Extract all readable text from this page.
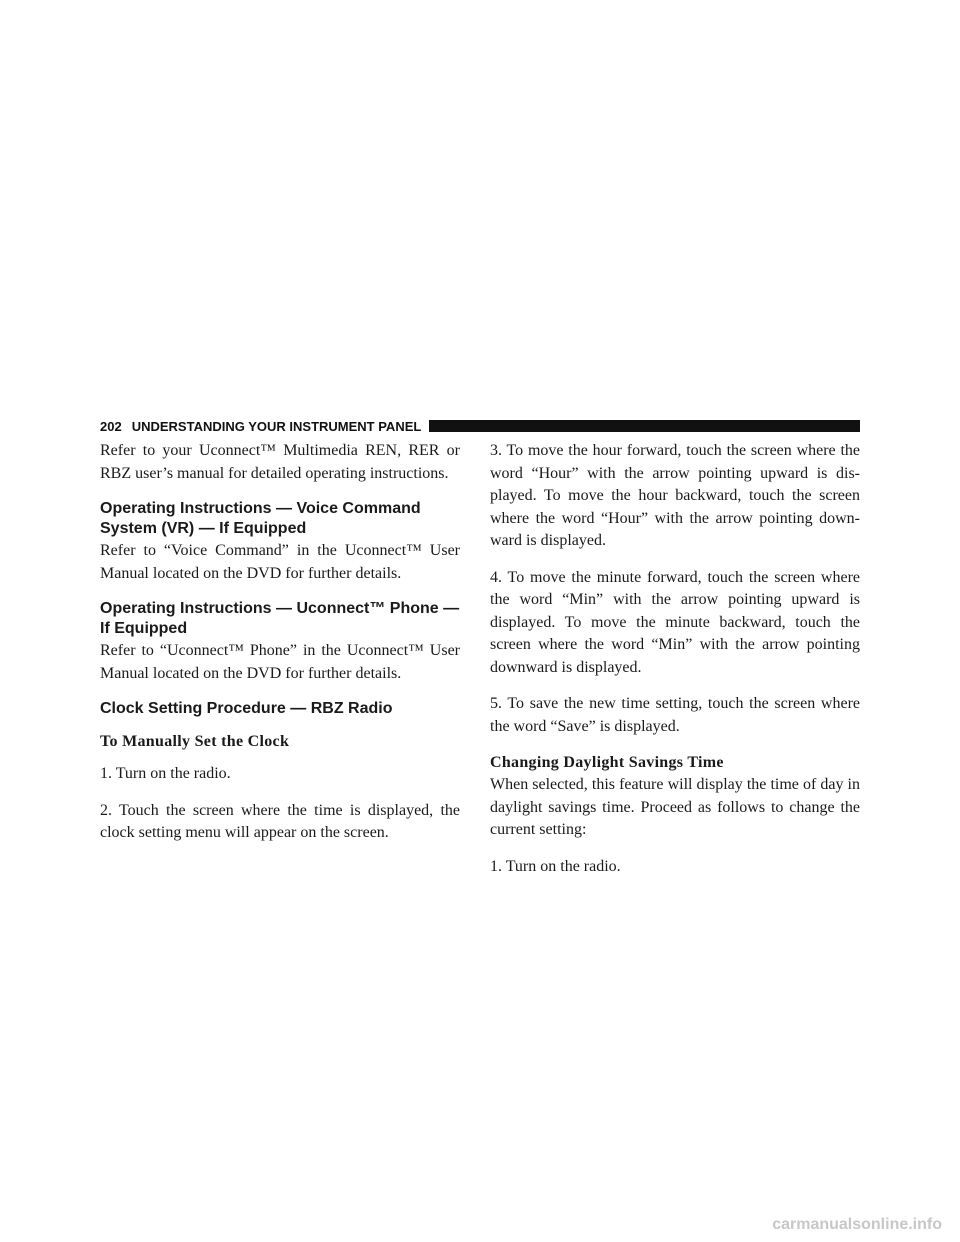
202 UNDERSTANDING YOUR INSTRUMENT PANEL

Refer to your Uconnect™ Multimedia REN, RER or RBZ user’s manual for detailed operating instructions.

Operating Instructions — Voice Command System (VR) — If Equipped

Refer to “Voice Command” in the Uconnect™ User Manual located on the DVD for further details.

Operating Instructions — Uconnect™ Phone — If Equipped

Refer to “Uconnect™ Phone” in the Uconnect™ User Manual located on the DVD for further details.

Clock Setting Procedure — RBZ Radio
To Manually Set the Clock

1. Turn on the radio.

2. Touch the screen where the time is displayed, the clock setting menu will appear on the screen.

3. To move the hour forward, touch the screen where the word “Hour” with the arrow pointing upward is dis- played. To move the hour backward, touch the screen where the word “Hour” with the arrow pointing down- ward is displayed.

4. To move the minute forward, touch the screen where the word “Min” with the arrow pointing upward is displayed. To move the minute backward, touch the screen where the word “Min” with the arrow pointing downward is displayed.

5. To save the new time setting, touch the screen where the word “Save” is displayed.

Changing Daylight Savings Time

When selected, this feature will display the time of day in daylight savings time. Proceed as follows to change the current setting:

1. Turn on the radio.

carmanualsonline.info
